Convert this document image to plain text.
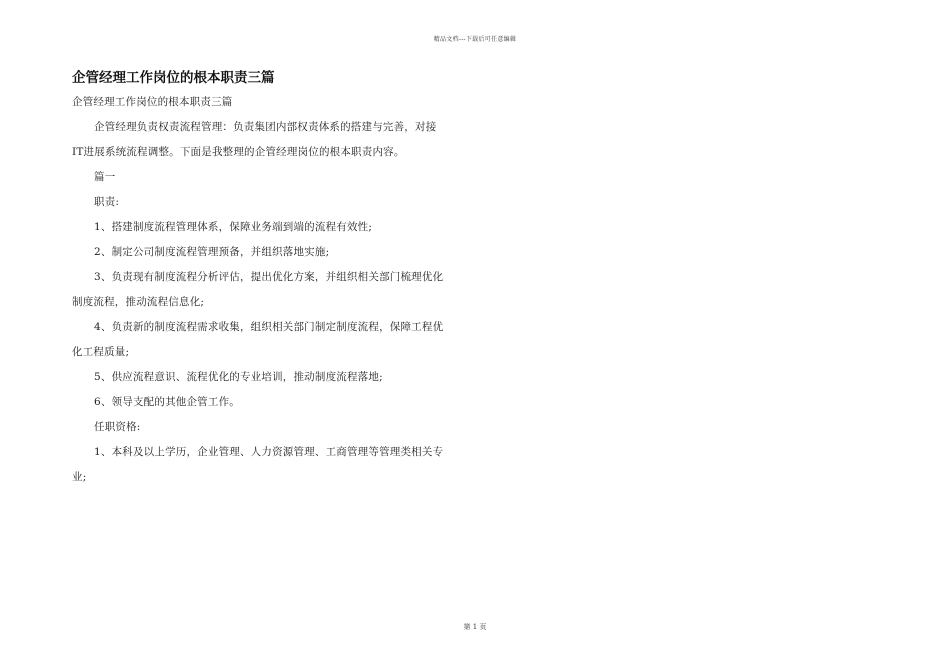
精品文档---下载后可任意编辑
企管经理工作岗位的根本职责三篇
企管经理工作岗位的根本职责三篇
企管经理负责权责流程管理：负责集团内部权责体系的搭建与完善，对接
IT进展系统流程调整。下面是我整理的企管经理岗位的根本职责内容。
篇一
职责:
1、搭建制度流程管理体系，保障业务端到端的流程有效性;
2、制定公司制度流程管理预备，并组织落地实施;
3、负责现有制度流程分析评估，提出优化方案，并组织相关部门梳理优化
制度流程，推动流程信息化;
4、负责新的制度流程需求收集，组织相关部门制定制度流程，保障工程优
化工程质量;
5、供应流程意识、流程优化的专业培训，推动制度流程落地;
6、领导支配的其他企管工作。
任职资格:
1、本科及以上学历，企业管理、人力资源管理、工商管理等管理类相关专
业;
第 1 页
